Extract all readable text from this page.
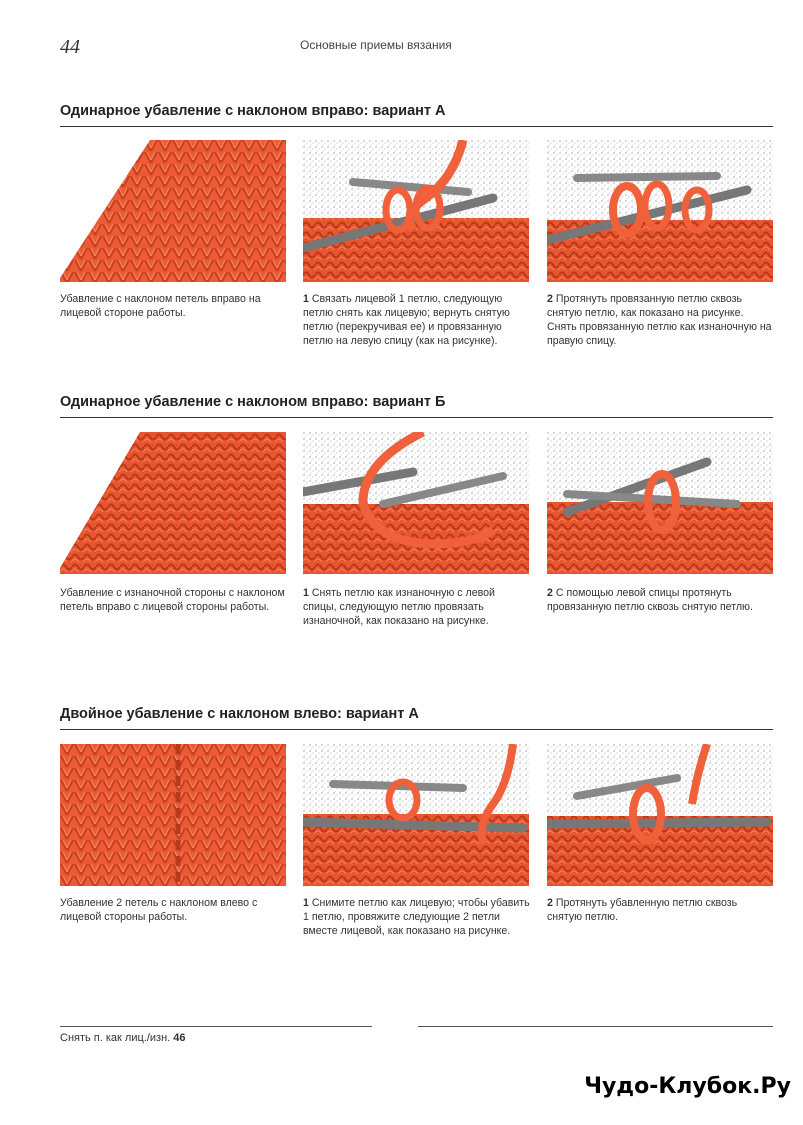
44	Основные приемы вязания
Одинарное убавление с наклоном вправо: вариант А
Убавление с наклоном петель вправо на лицевой стороне работы.
1 Связать лицевой 1 петлю, следующую петлю снять как лицевую; вернуть снятую петлю (перекручивая ее) и провязанную петлю на левую спицу (как на рисунке).
2 Протянуть провязанную петлю сквозь снятую петлю, как показано на рисунке. Снять провязанную петлю как изнаночную на правую спицу.
Одинарное убавление с наклоном вправо: вариант Б
Убавление с изнаночной стороны с наклоном петель вправо с лицевой стороны работы.
1 Снять петлю как изнаночную с левой спицы, следующую петлю провязать изнаночной, как показано на рисунке.
2 С помощью левой спицы протянуть провязанную петлю сквозь снятую петлю.
Двойное убавление с наклоном влево: вариант А
Убавление 2 петель с наклоном влево с лицевой стороны работы.
1 Снимите петлю как лицевую; чтобы убавить 1 петлю, провяжите следующие 2 петли вместе лицевой, как показано на рисунке.
2 Протянуть убавленную петлю сквозь снятую петлю.
Снять п. как лиц./изн. 46
Чудо-Клубок.Ру
